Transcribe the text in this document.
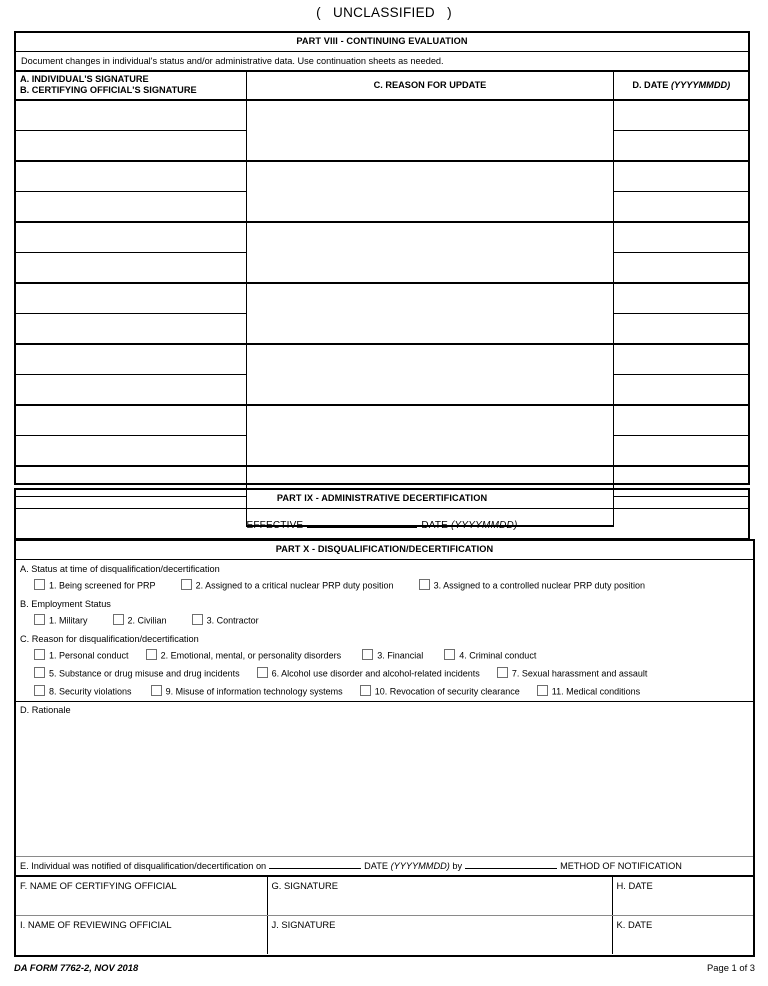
(   UNCLASSIFIED   )
PART VIII - CONTINUING EVALUATION
Document changes in individual's status and/or administrative data. Use continuation sheets as needed.
A. INDIVIDUAL'S SIGNATURE
B. CERTIFYING OFFICIAL'S SIGNATURE	C. REASON FOR UPDATE	D. DATE (YYYYMMDD)

PART IX - ADMINISTRATIVE DECERTIFICATION
EFFECTIVE	DATE (YYYYMMDD)
PART X - DISQUALIFICATION/DECERTIFICATION
A. Status at time of disqualification/decertification
1. Being screened for PRP	2. Assigned to a critical nuclear PRP duty position	3. Assigned to a controlled nuclear PRP duty position
B. Employment Status
1. Military	2. Civilian	3. Contractor
C. Reason for disqualification/decertification
1. Personal conduct	2. Emotional, mental, or personality disorders	3. Financial	4. Criminal conduct
5. Substance or drug misuse and drug incidents	6. Alcohol use disorder and alcohol-related incidents	7. Sexual harassment and assault
8. Security violations	9. Misuse of information technology systems	10. Revocation of security clearance	11. Medical conditions
D. Rationale
E. Individual was notified of disqualification/decertification on	DATE (YYYYMMDD) by	METHOD OF NOTIFICATION
F. NAME OF CERTIFYING OFFICIAL	G. SIGNATURE	H. DATE
I. NAME OF REVIEWING OFFICIAL	J. SIGNATURE	K. DATE
DA FORM 7762-2, NOV 2018	Page 1 of 3
